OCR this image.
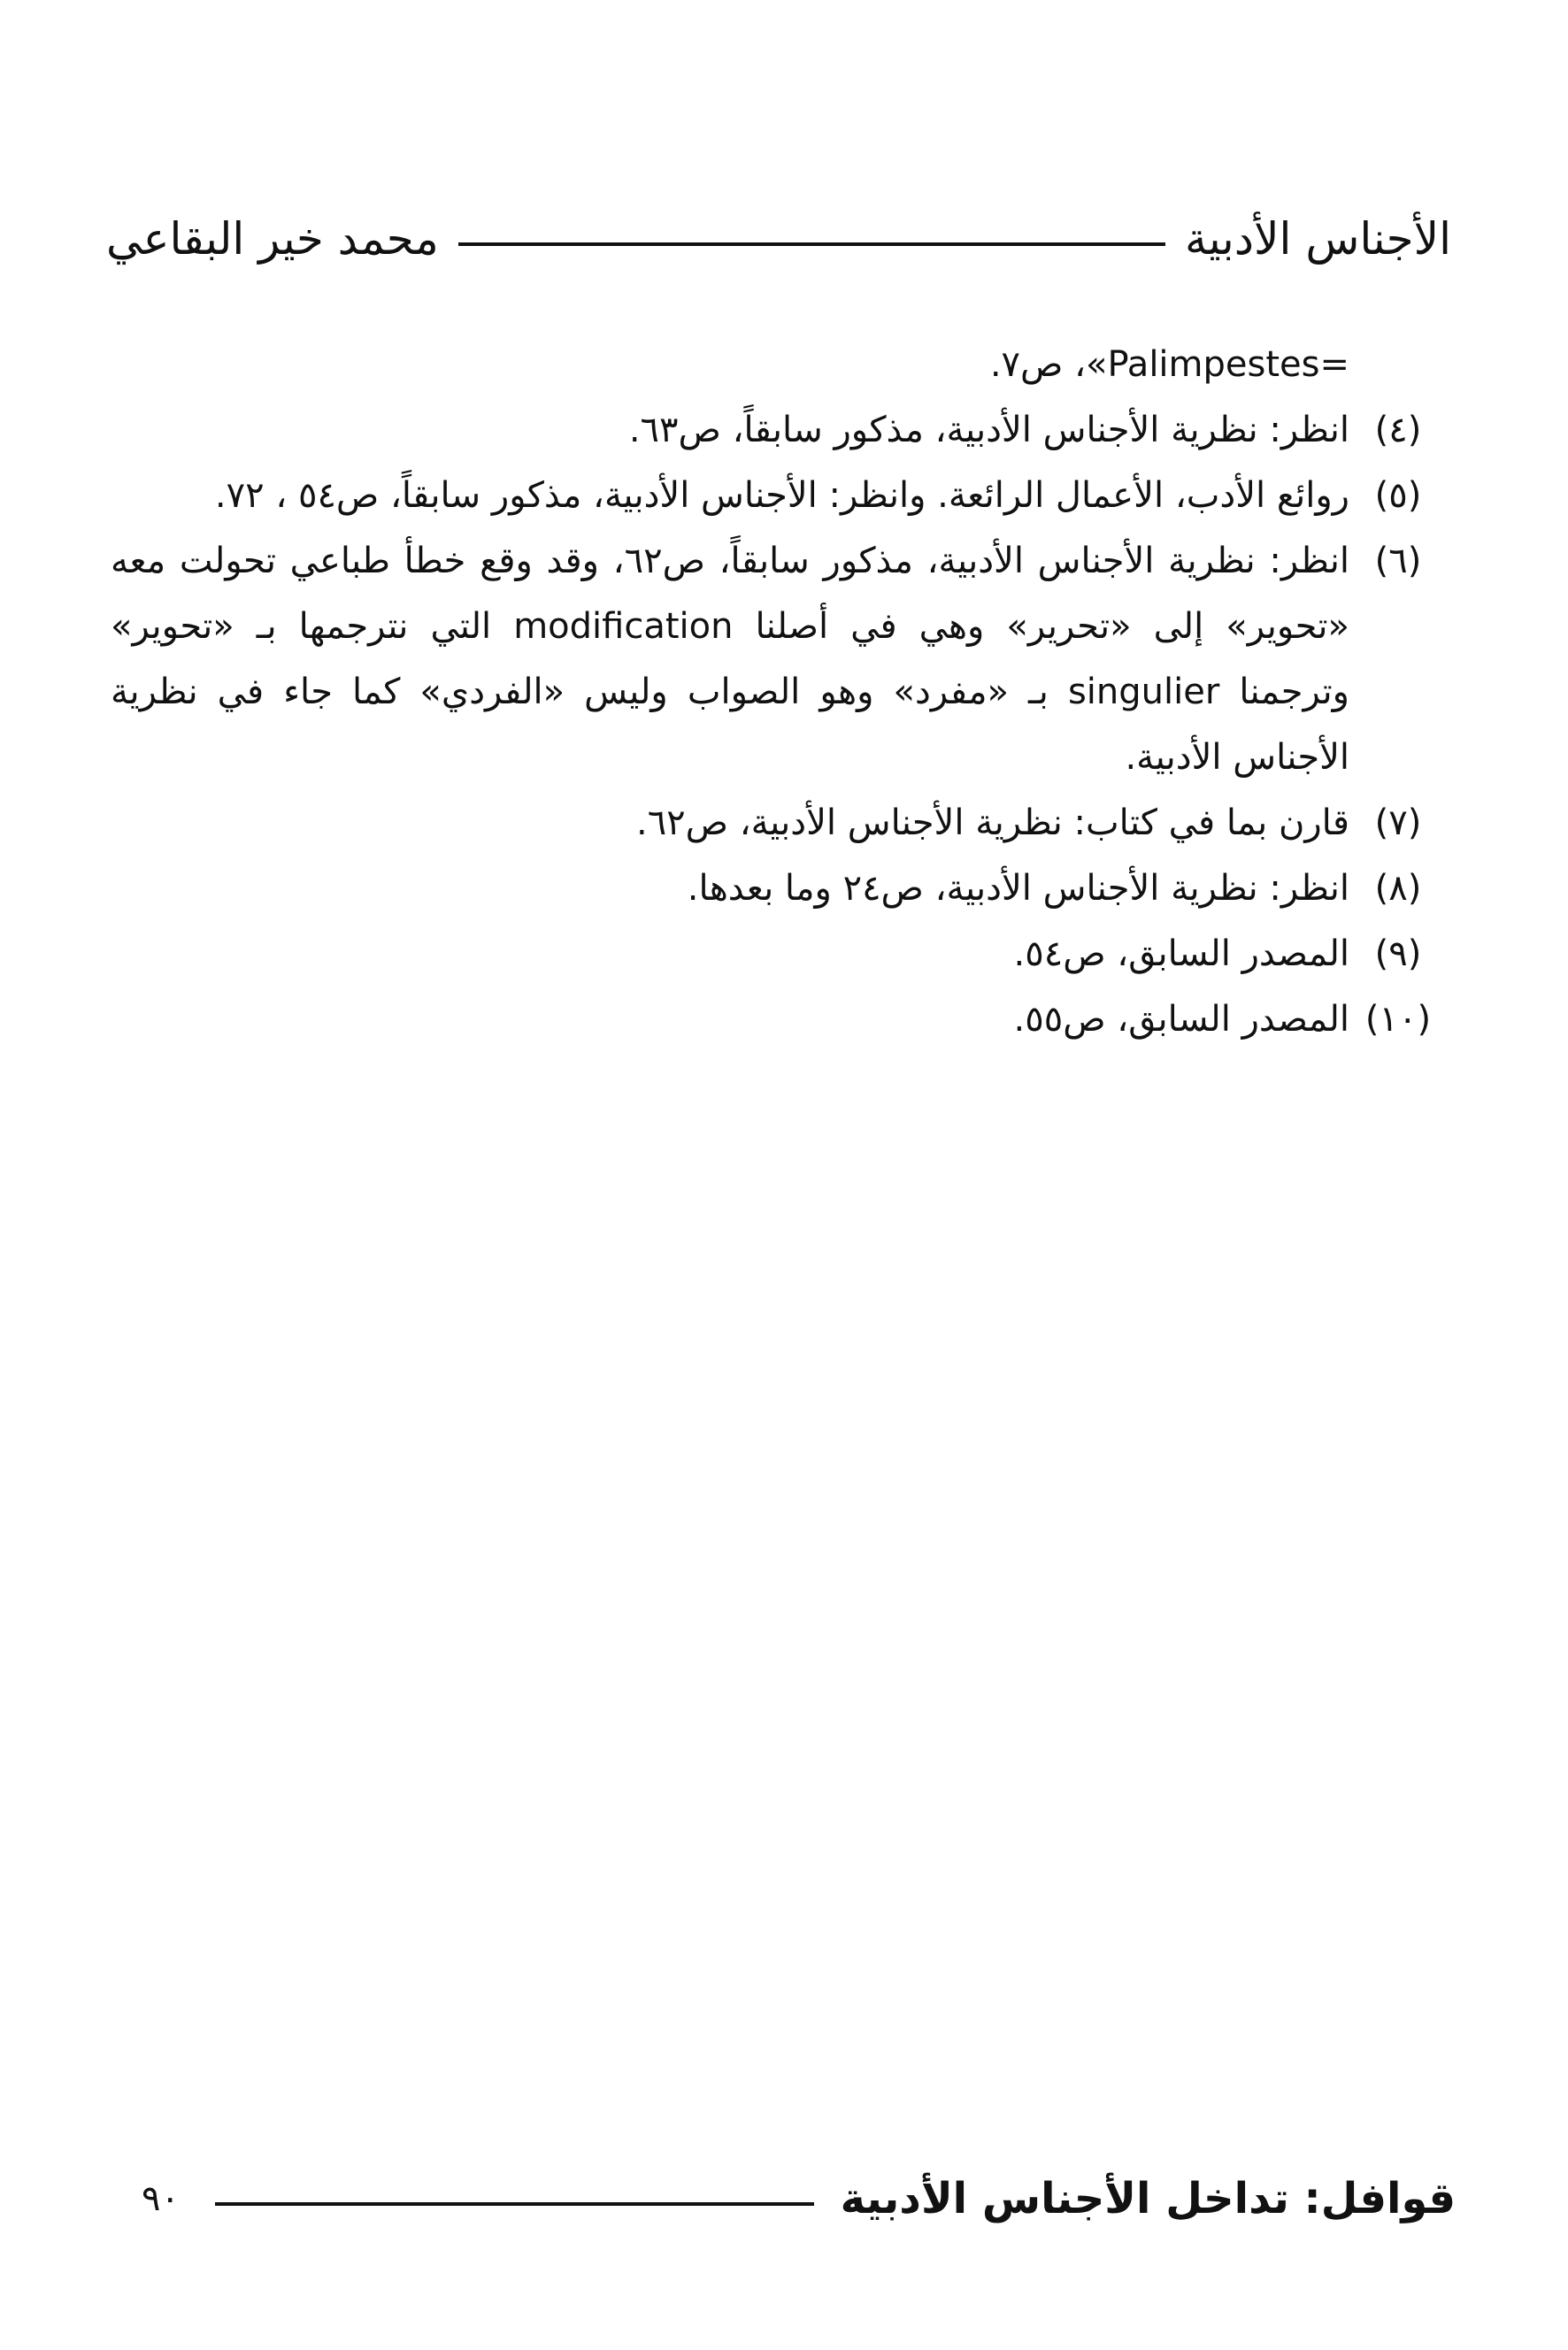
الأجناس الأدبية
محمد خير البقاعي
=Palimpestes»، ص٧.
(٤)
انظر: نظرية الأجناس الأدبية، مذكور سابقاً، ص٦٣.
(٥)
روائع الأدب، الأعمال الرائعة. وانظر: الأجناس الأدبية، مذكور سابقاً، ص٥٤ ، ٧٢.
(٦)
انظر: نظرية الأجناس الأدبية، مذكور سابقاً، ص٦٢، وقد وقع خطأ طباعي تحولت معه «تحوير» إلى «تحرير» وهي في أصلنا modification التي نترجمها بـ «تحوير» وترجمنا singulier بـ «مفرد» وهو الصواب وليس «الفردي» كما جاء في نظرية الأجناس الأدبية.
(٧)
قارن بما في كتاب: نظرية الأجناس الأدبية، ص٦٢.
(٨)
انظر: نظرية الأجناس الأدبية، ص٢٤ وما بعدها.
(٩)
المصدر السابق، ص٥٤.
(١٠)
المصدر السابق، ص٥٥.
قوافل: تداخل الأجناس الأدبية
٩٠
